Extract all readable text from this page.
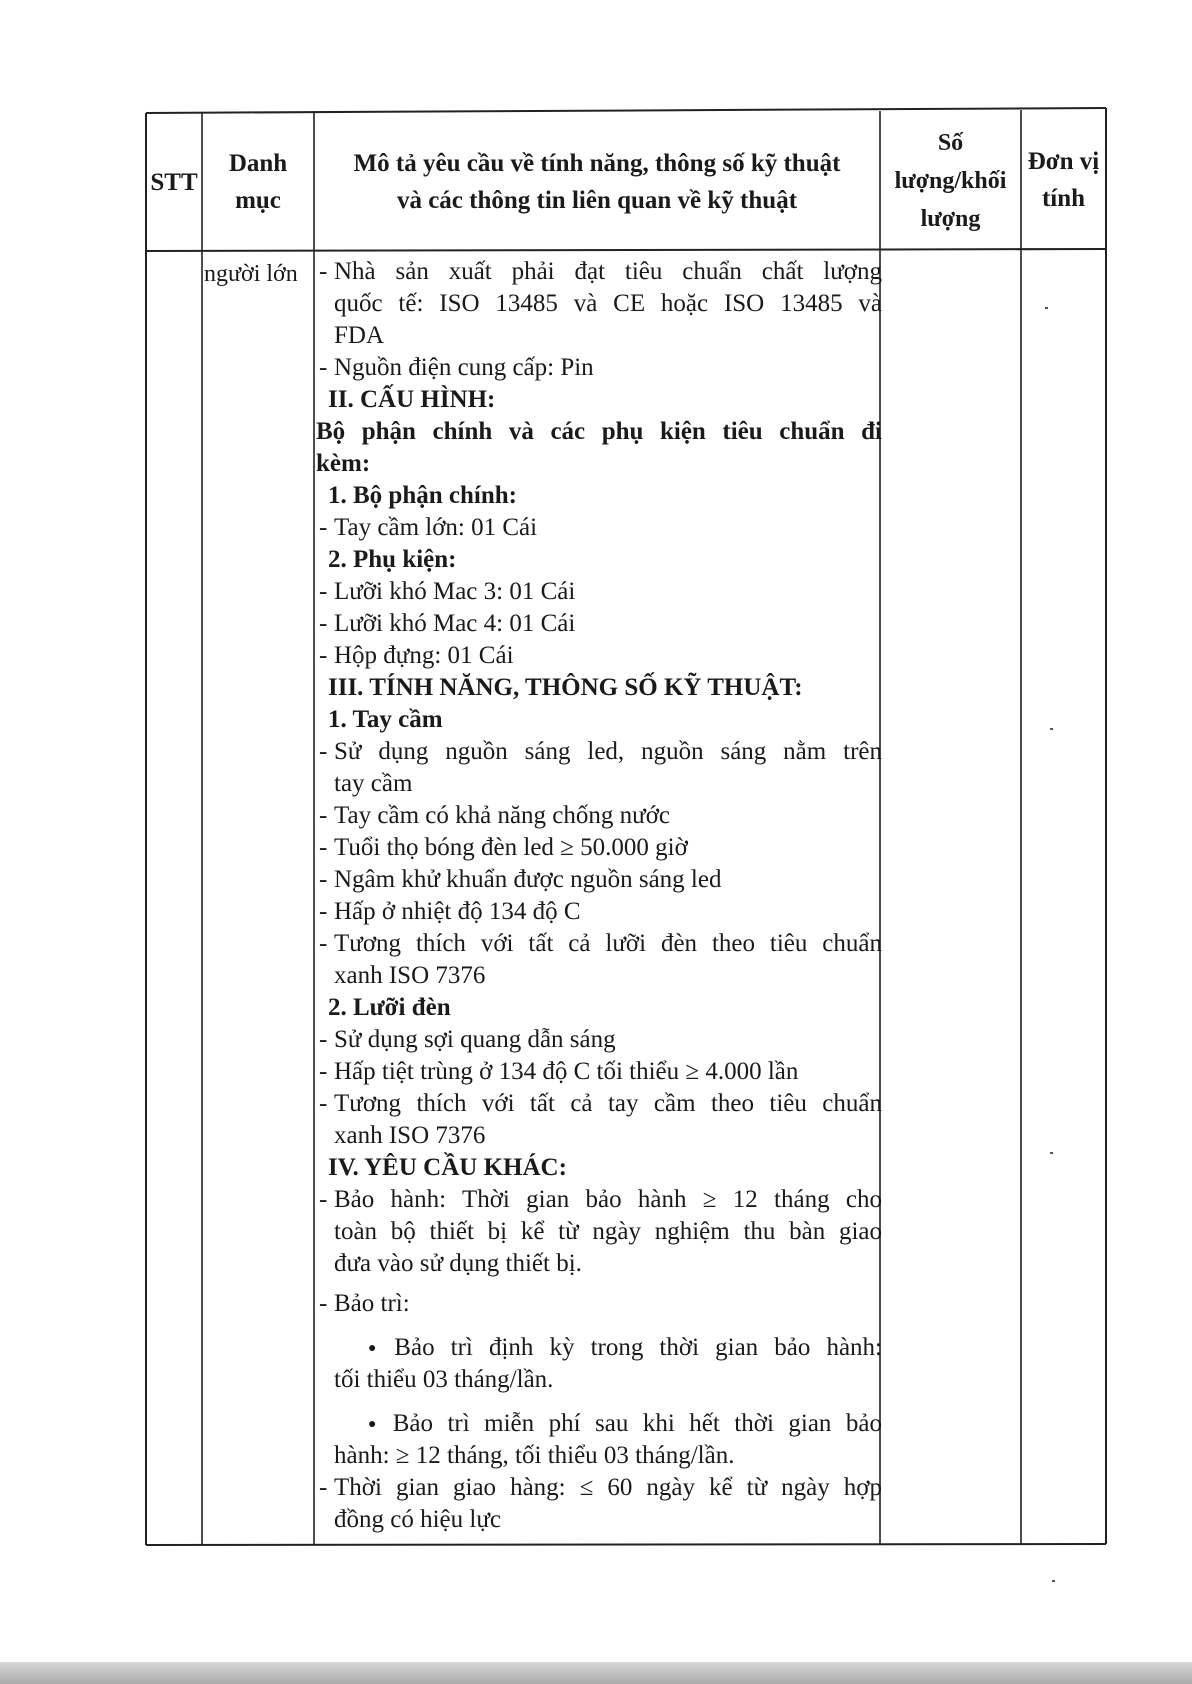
STT
Danh
mục
Mô tả yêu cầu về tính năng, thông số kỹ thuật
và các thông tin liên quan về kỹ thuật
Số
lượng/khối
lượng
Đơn vị
tính
người lớn
-	Nhà sản xuất phải đạt tiêu chuẩn chất lượng
quốc tế: ISO 13485 và CE hoặc ISO 13485 và
FDA
- Nguồn điện cung cấp: Pin
II. CẤU HÌNH:
Bộ phận chính và các phụ kiện tiêu chuẩn đi
kèm:
1. Bộ phận chính:
- Tay cầm lớn: 01 Cái
2. Phụ kiện:
- Lưỡi khó Mac 3: 01 Cái
- Lưỡi khó Mac 4: 01 Cái
- Hộp đựng: 01 Cái
III. TÍNH NĂNG, THÔNG SỐ KỸ THUẬT:
1. Tay cầm
- Sử dụng nguồn sáng led, nguồn sáng nằm trên
tay cầm
- Tay cầm có khả năng chống nước
- Tuổi thọ bóng đèn led ≥ 50.000 giờ
- Ngâm khử khuẩn được nguồn sáng led
- Hấp ở nhiệt độ 134 độ C
- Tương thích với tất cả lưỡi đèn theo tiêu chuẩn
xanh ISO 7376
2. Lưỡi đèn
- Sử dụng sợi quang dẫn sáng
- Hấp tiệt trùng ở 134 độ C tối thiểu ≥ 4.000 lần
- Tương thích với tất cả tay cầm theo tiêu chuẩn
xanh ISO 7376
IV. YÊU CẦU KHÁC:
- Bảo hành: Thời gian bảo hành ≥ 12 tháng cho
toàn bộ thiết bị kể từ ngày nghiệm thu bàn giao
đưa vào sử dụng thiết bị.
- Bảo trì:
● Bảo trì định kỳ trong thời gian bảo hành:
tối thiểu 03 tháng/lần.
● Bảo trì miễn phí sau khi hết thời gian bảo
hành: ≥ 12 tháng, tối thiểu 03 tháng/lần.
- Thời gian giao hàng: ≤ 60 ngày kể từ ngày hợp
đồng có hiệu lực
